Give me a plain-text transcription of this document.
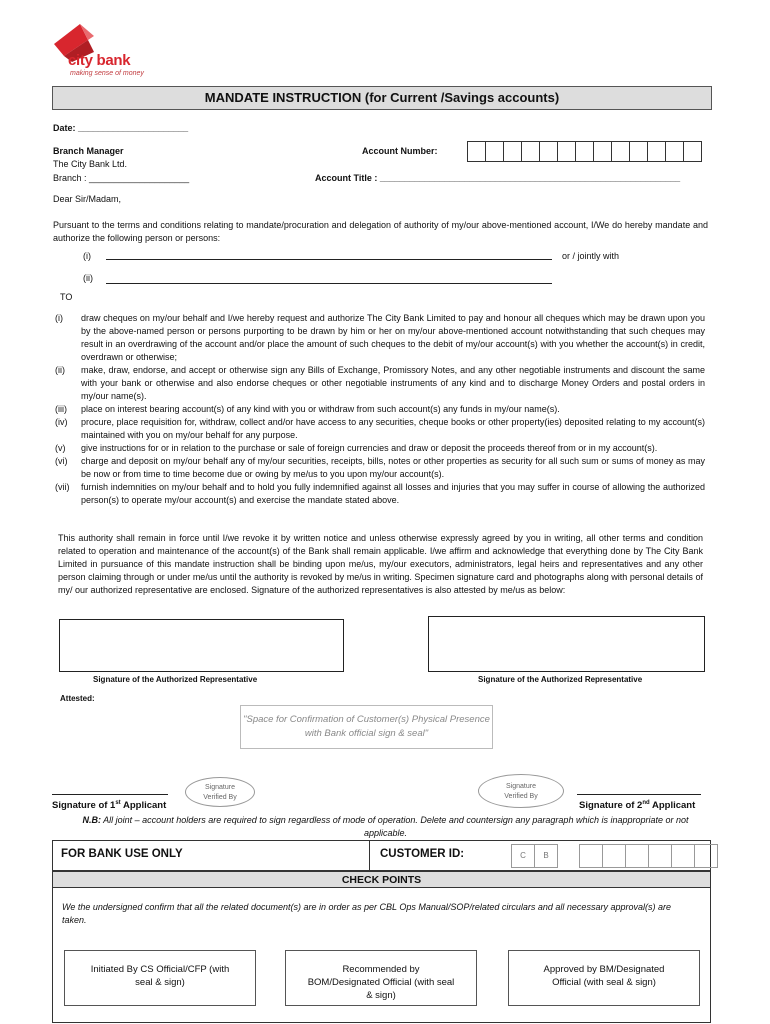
city bank
making sense of money
MANDATE INSTRUCTION (for Current /Savings accounts)
Date: ______________________
Branch Manager
The City Bank Ltd.
Branch : ____________________
Account Number:
Account Title : ____________________________________________________________
Dear Sir/Madam,
Pursuant to the terms and conditions relating to mandate/procuration and delegation of authority of my/our above-mentioned account, I/We do hereby mandate and authorize the following person or persons:
(i)	or / jointly with
(ii)
TO
(i)	draw cheques on my/our behalf and I/we hereby request and authorize The City Bank Limited to pay and honour all cheques which may be drawn upon you by the above-named person or persons purporting to be drawn by him or her on my/our above-mentioned account notwithstanding that such cheques may result in an overdrawing of the account and/or place the amount of such cheques to the debit of my/our account(s) with you whether the account(s) in credit, overdrawn or otherwise;
(ii)	make, draw, endorse, and accept or otherwise sign any Bills of Exchange, Promissory Notes, and any other negotiable instruments and discount the same with your bank or otherwise and also endorse cheques or other negotiable instruments of any kind and to discharge Money Orders and postal orders in my/our name(s).
(iii)	place on interest bearing account(s) of any kind with you or withdraw from such account(s) any funds in my/our name(s).
(iv)	procure, place requisition for, withdraw, collect and/or have access to any securities, cheque books or other property(ies) deposited relating to my account(s) maintained with you on my/our behalf for any purpose.
(v)	give instructions for or in relation to the purchase or sale of foreign currencies and draw or deposit the proceeds thereof from or in my account(s).
(vi)	charge and deposit on my/our behalf any of my/our securities, receipts, bills, notes or other properties as security for all such sum or sums of money as may be now or from time to time become due or owing by me/us to you upon my/our account(s).
(vii)	furnish indemnities on my/our behalf and to hold you fully indemnified against all losses and injuries that you may suffer in course of allowing the authorized person(s) to operate my/our account(s) and exercise the mandate stated above.
This authority shall remain in force until I/we revoke it by written notice and unless otherwise expressly agreed by you in writing, all other terms and condition related to operation and maintenance of the account(s) of the Bank shall remain applicable. I/we affirm and acknowledge that everything done by The City Bank Limited in pursuance of this mandate instruction shall be binding upon me/us, my/our executors, administrators, legal heirs and representatives and any other person claiming through or under me/us until the authority is revoked by me/us in writing. Specimen signature card and photographs along with personal details of my/ our authorized representative are enclosed. Signature of the authorized representatives is also attested by me/us as below:
Signature of the Authorized Representative	Signature of the Authorized Representative
Attested:
"Space for Confirmation of Customer(s) Physical Presence with Bank official sign & seal"
Signature Verified By
Signature Verified By
Signature of 1st Applicant	Signature of 2nd Applicant
N.B: All joint – account holders are required to sign regardless of mode of operation. Delete and countersign any paragraph which is inappropriate or not applicable.
FOR BANK USE ONLY	CUSTOMER ID:	C	B
CHECK POINTS
We the undersigned confirm that all the related document(s) are in order as per CBL Ops Manual/SOP/related circulars and all necessary approval(s) are taken.
Initiated By CS Official/CFP (with seal & sign)
Recommended by BOM/Designated Official (with seal & sign)
Approved by BM/Designated Official (with seal & sign)
